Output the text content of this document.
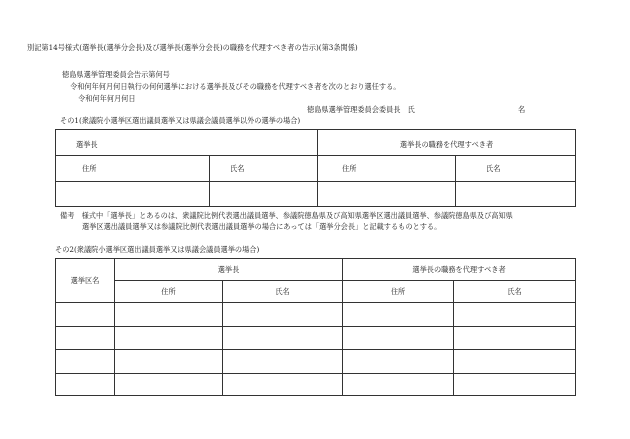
別記第14号様式(選挙長(選挙分会長)及び選挙長(選挙分会長)の職務を代理すべき者の告示)(第3条関係)
徳島県選挙管理委員会告示第何号
令和何年何月何日執行の何何選挙における選挙長及びその職務を代理すべき者を次のとおり選任する。
令和何年何月何日
徳島県選挙管理委員会委員長　氏	名
その1(衆議院小選挙区選出議員選挙又は県議会議員選挙以外の選挙の場合)
選挙長		選挙長の職務を代理すべき者	
住所	氏名	住所	氏名

備考　様式中「選挙長」とあるのは、衆議院比例代表選出議員選挙、参議院徳島県及び高知県選挙区選出議員選挙、参議院徳島県及び高知県
選挙区選出議員選挙又は参議院比例代表選出議員選挙の場合にあっては「選挙分会長」と記載するものとする。
その2(衆議院小選挙区選出議員選挙又は県議会議員選挙の場合)
選挙区名	選挙長		選挙長の職務を代理すべき者	
	住所	氏名	住所	氏名
